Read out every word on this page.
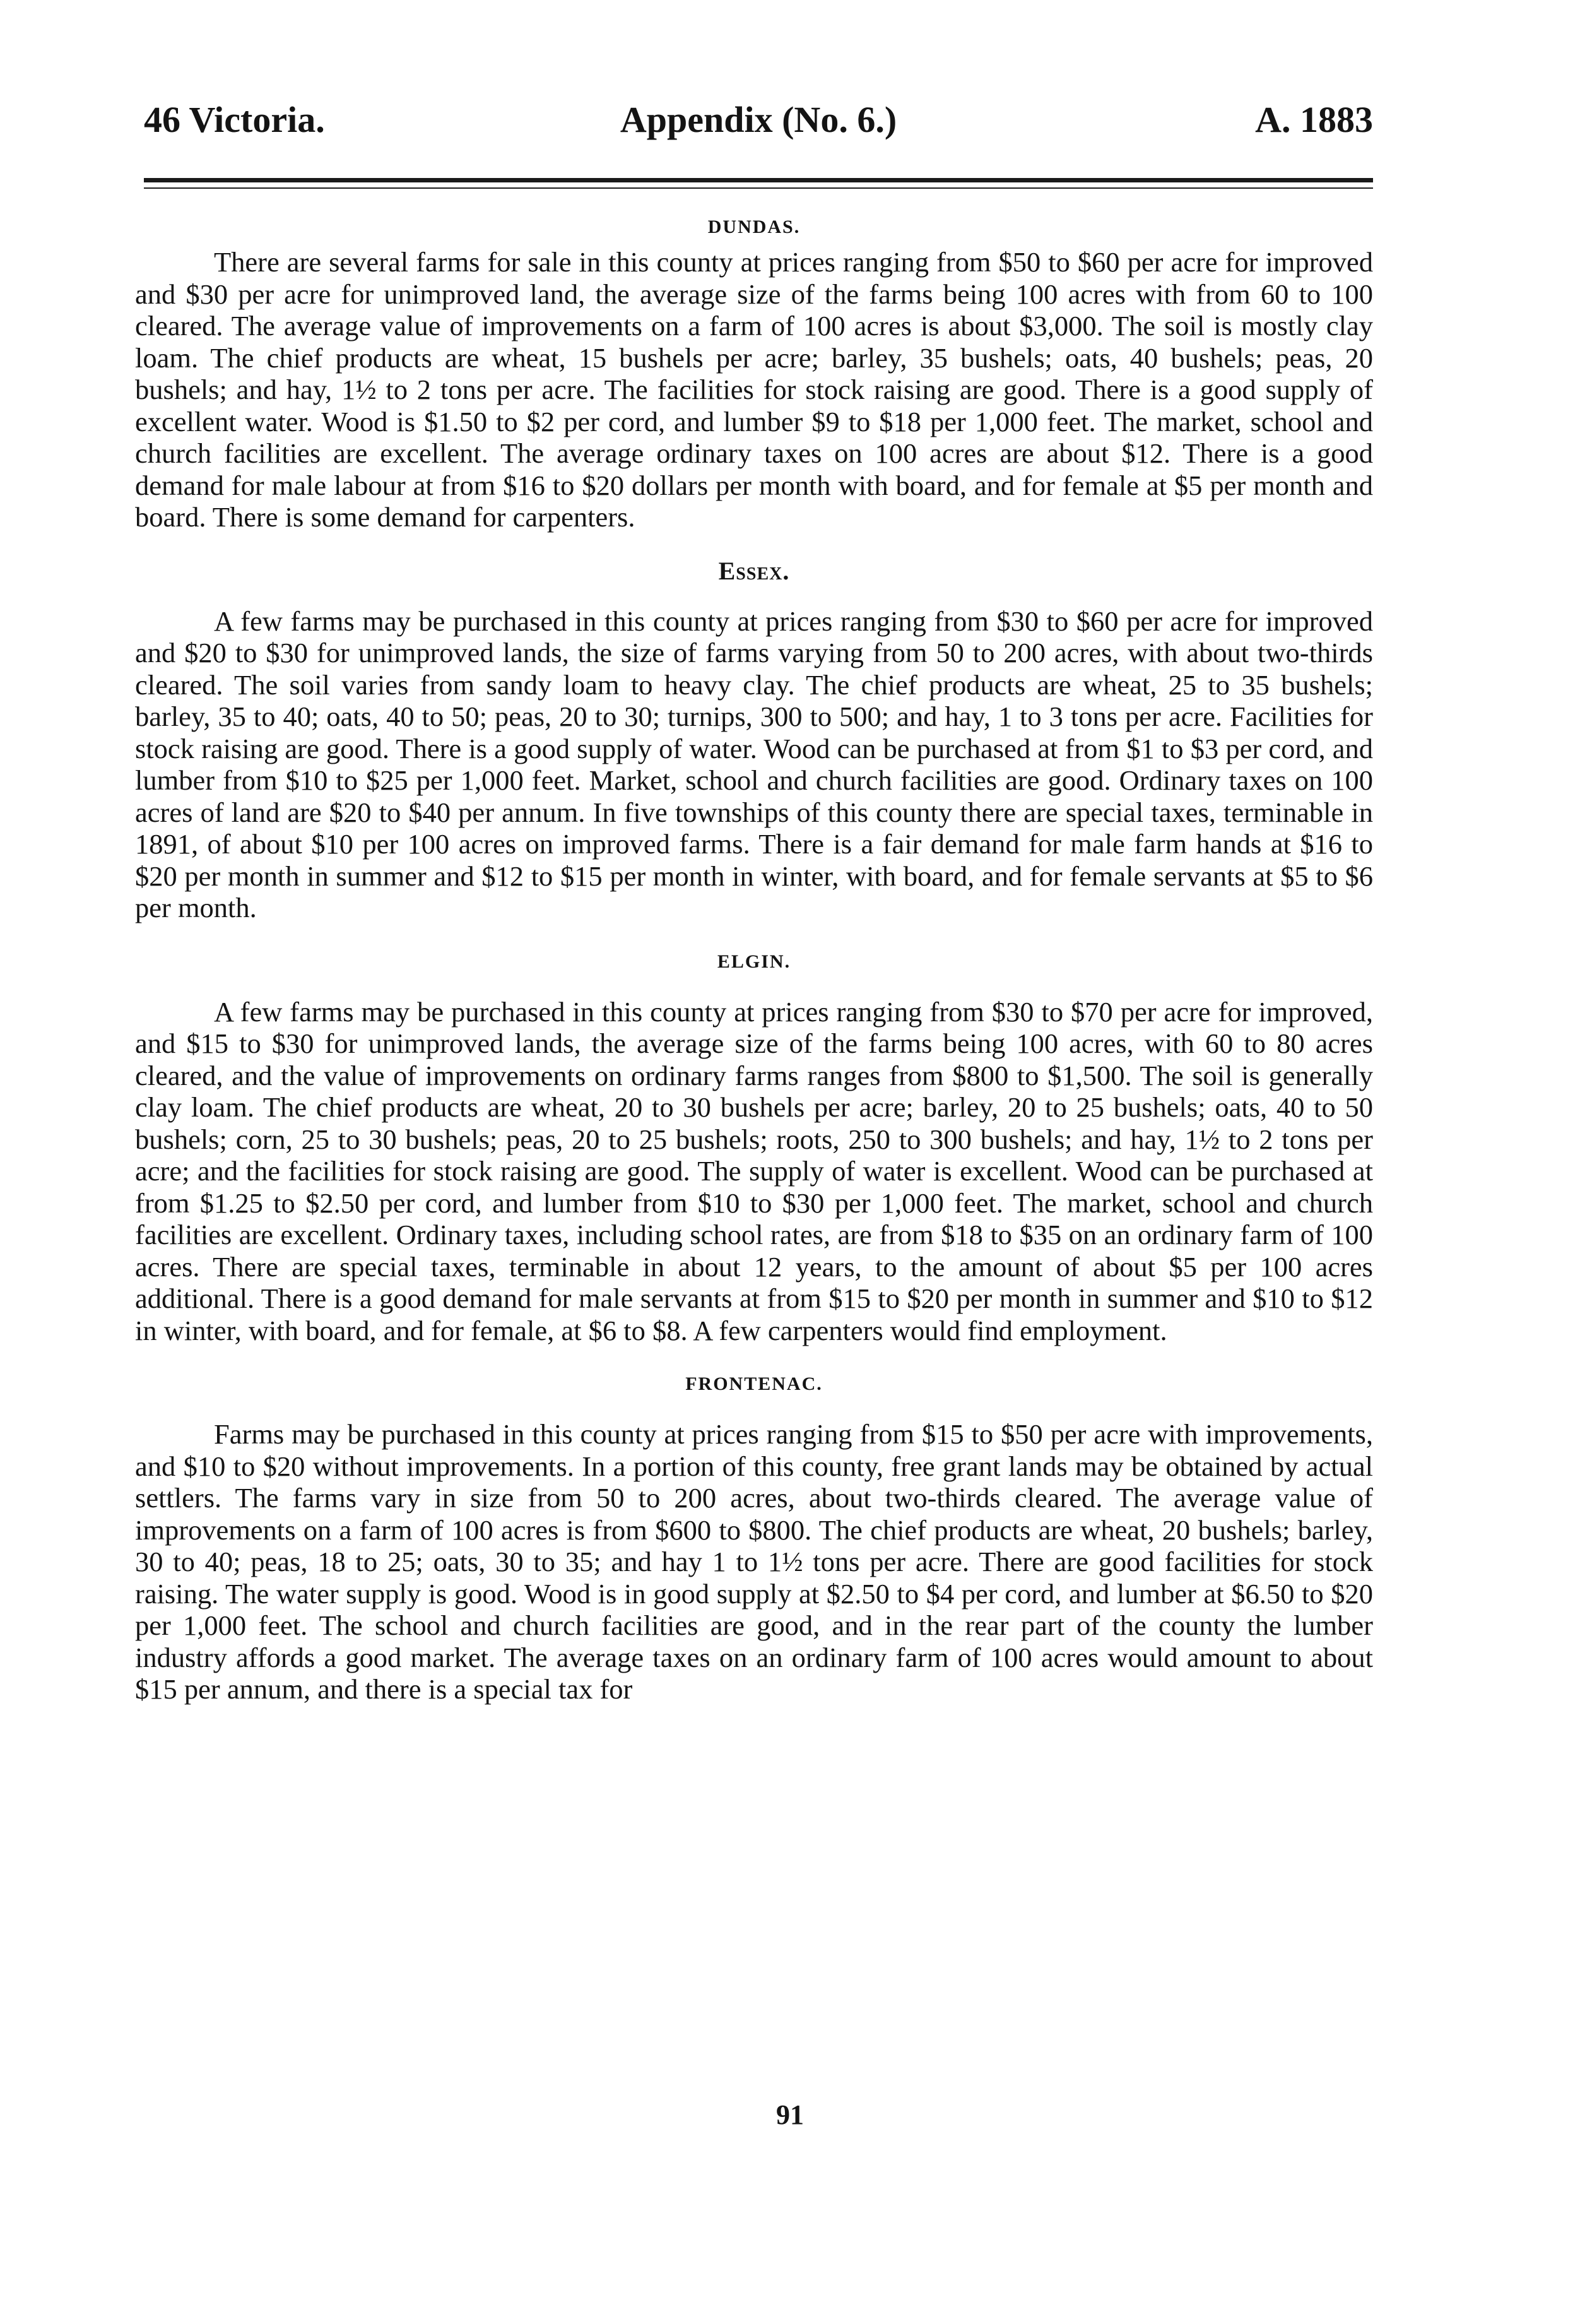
46 Victoria.	Appendix (No. 6.)	A. 1883
DUNDAS.

There are several farms for sale in this county at prices ranging from $50 to $60 per acre for improved and $30 per acre for unimproved land, the average size of the farms being 100 acres with from 60 to 100 cleared. The average value of improvements on a farm of 100 acres is about $3,000. The soil is mostly clay loam. The chief products are wheat, 15 bushels per acre; barley, 35 bushels; oats, 40 bushels; peas, 20 bushels; and hay, 1½ to 2 tons per acre. The facilities for stock raising are good. There is a good supply of excellent water. Wood is $1.50 to $2 per cord, and lumber $9 to $18 per 1,000 feet. The market, school and church facilities are excellent. The average ordinary taxes on 100 acres are about $12. There is a good demand for male labour at from $16 to $20 dollars per month with board, and for female at $5 per month and board. There is some demand for carpenters.

Essex.

A few farms may be purchased in this county at prices ranging from $30 to $60 per acre for improved and $20 to $30 for unimproved lands, the size of farms varying from 50 to 200 acres, with about two-thirds cleared. The soil varies from sandy loam to heavy clay. The chief products are wheat, 25 to 35 bushels; barley, 35 to 40; oats, 40 to 50; peas, 20 to 30; turnips, 300 to 500; and hay, 1 to 3 tons per acre. Facilities for stock raising are good. There is a good supply of water. Wood can be purchased at from $1 to $3 per cord, and lumber from $10 to $25 per 1,000 feet. Market, school and church facilities are good. Ordinary taxes on 100 acres of land are $20 to $40 per annum. In five townships of this county there are special taxes, terminable in 1891, of about $10 per 100 acres on improved farms. There is a fair demand for male farm hands at $16 to $20 per month in summer and $12 to $15 per month in winter, with board, and for female servants at $5 to $6 per month.

ELGIN.

A few farms may be purchased in this county at prices ranging from $30 to $70 per acre for improved, and $15 to $30 for unimproved lands, the average size of the farms being 100 acres, with 60 to 80 acres cleared, and the value of improvements on ordinary farms ranges from $800 to $1,500. The soil is generally clay loam. The chief products are wheat, 20 to 30 bushels per acre; barley, 20 to 25 bushels; oats, 40 to 50 bushels; corn, 25 to 30 bushels; peas, 20 to 25 bushels; roots, 250 to 300 bushels; and hay, 1½ to 2 tons per acre; and the facilities for stock raising are good. The supply of water is excellent. Wood can be purchased at from $1.25 to $2.50 per cord, and lumber from $10 to $30 per 1,000 feet. The market, school and church facilities are excellent. Ordinary taxes, including school rates, are from $18 to $35 on an ordinary farm of 100 acres. There are special taxes, terminable in about 12 years, to the amount of about $5 per 100 acres additional. There is a good demand for male servants at from $15 to $20 per month in summer and $10 to $12 in winter, with board, and for female, at $6 to $8. A few carpenters would find employment.

FRONTENAC.

Farms may be purchased in this county at prices ranging from $15 to $50 per acre with improvements, and $10 to $20 without improvements. In a portion of this county, free grant lands may be obtained by actual settlers. The farms vary in size from 50 to 200 acres, about two-thirds cleared. The average value of improvements on a farm of 100 acres is from $600 to $800. The chief products are wheat, 20 bushels; barley, 30 to 40; peas, 18 to 25; oats, 30 to 35; and hay 1 to 1½ tons per acre. There are good facilities for stock raising. The water supply is good. Wood is in good supply at $2.50 to $4 per cord, and lumber at $6.50 to $20 per 1,000 feet. The school and church facilities are good, and in the rear part of the county the lumber industry affords a good market. The average taxes on an ordinary farm of 100 acres would amount to about $15 per annum, and there is a special tax for

91
